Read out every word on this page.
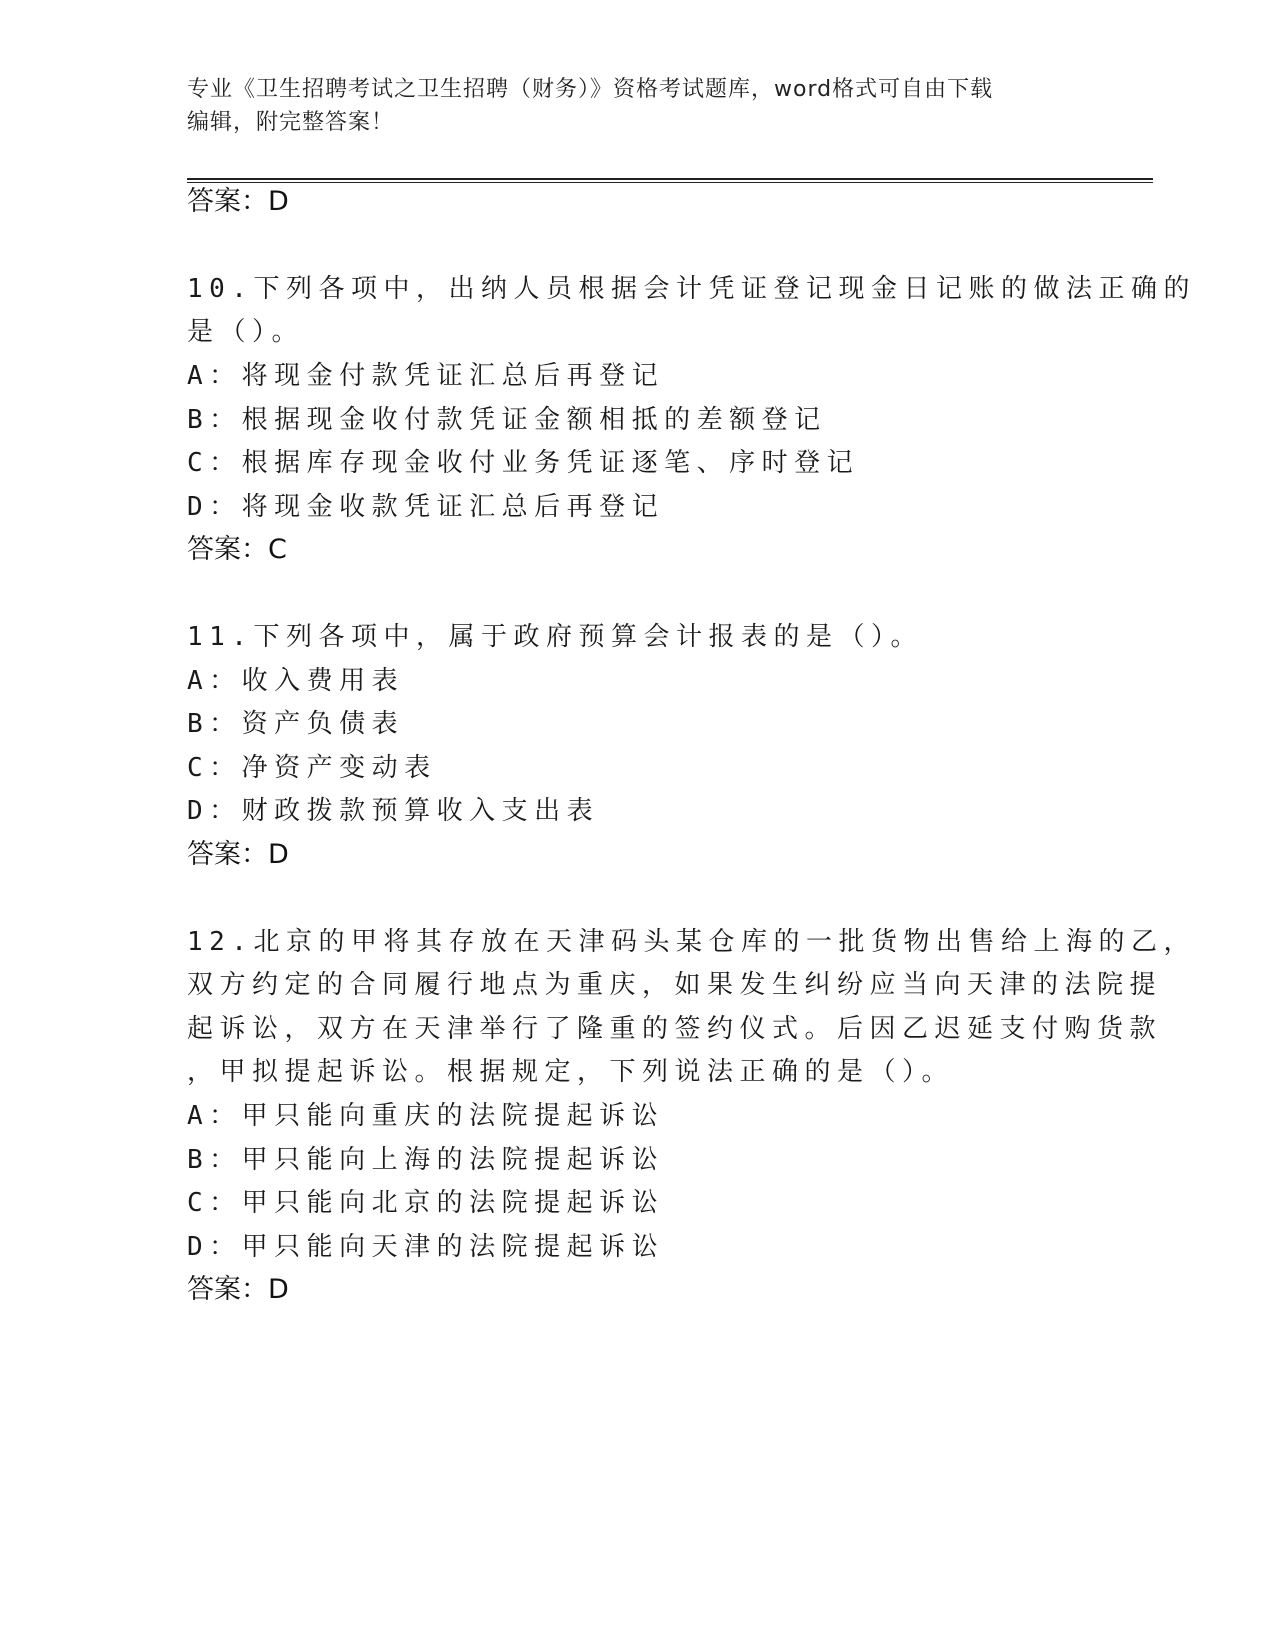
专业《卫生招聘考试之卫生招聘（财务）》资格考试题库，word格式可自由下载
编辑，附完整答案！
答案：D
10.下列各项中，出纳人员根据会计凭证登记现金日记账的做法正确的
是（）。
A：将现金付款凭证汇总后再登记
B：根据现金收付款凭证金额相抵的差额登记
C：根据库存现金收付业务凭证逐笔、序时登记
D：将现金收款凭证汇总后再登记
答案：C
11.下列各项中，属于政府预算会计报表的是（）。
A：收入费用表
B：资产负债表
C：净资产变动表
D：财政拨款预算收入支出表
答案：D
12.北京的甲将其存放在天津码头某仓库的一批货物出售给上海的乙，
双方约定的合同履行地点为重庆，如果发生纠纷应当向天津的法院提
起诉讼，双方在天津举行了隆重的签约仪式。后因乙迟延支付购货款
，甲拟提起诉讼。根据规定，下列说法正确的是（）。
A：甲只能向重庆的法院提起诉讼
B：甲只能向上海的法院提起诉讼
C：甲只能向北京的法院提起诉讼
D：甲只能向天津的法院提起诉讼
答案：D
